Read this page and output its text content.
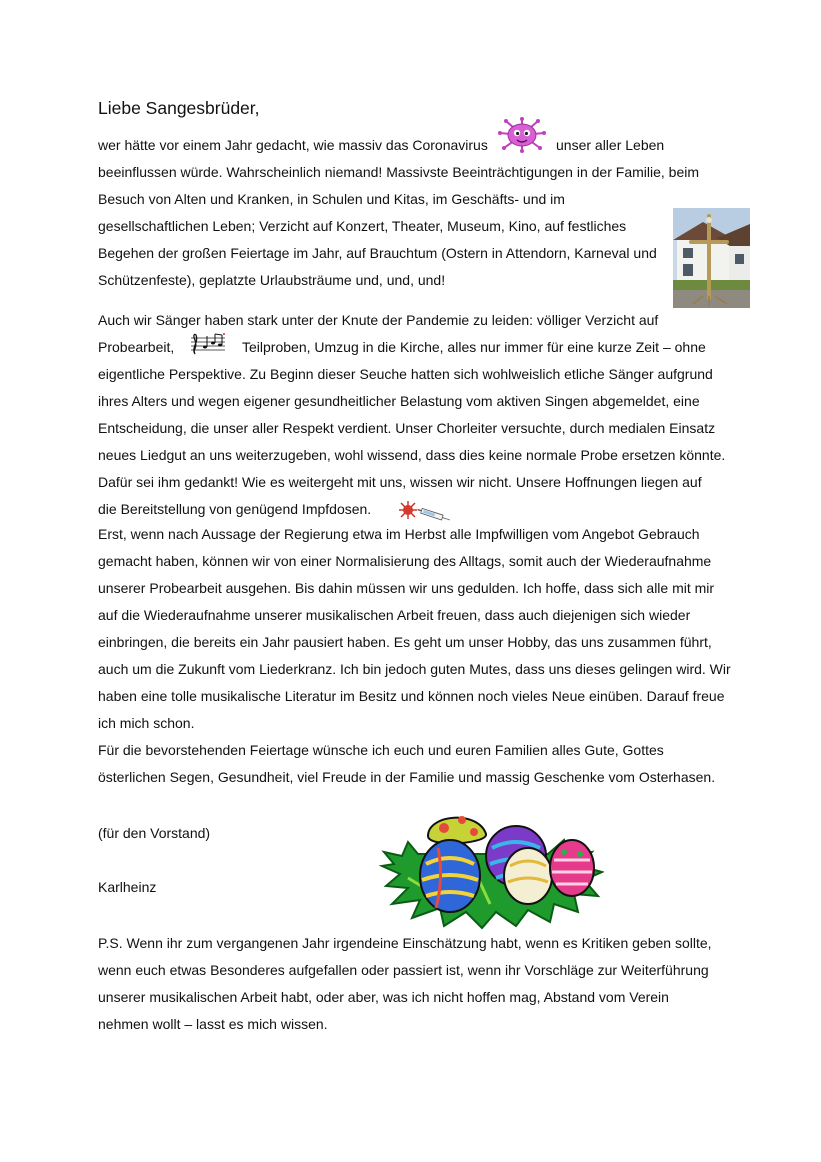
Liebe Sangesbrüder,
wer hätte vor einem Jahr gedacht, wie massiv das Coronavirus	unser aller Leben
beeinflussen würde. Wahrscheinlich niemand! Massivste Beeinträchtigungen in der Familie, beim
Besuch von Alten und Kranken, in Schulen und Kitas, im Geschäfts- und im
gesellschaftlichen Leben; Verzicht auf Konzert, Theater, Museum, Kino, auf festliches
Begehen der großen Feiertage im Jahr, auf Brauchtum (Ostern in Attendorn, Karneval und
Schützenfeste), geplatzte Urlaubsträume und, und, und!
Auch wir Sänger haben stark unter der Knute der Pandemie zu leiden: völliger Verzicht auf
Probearbeit,	Teilproben, Umzug in die Kirche, alles nur immer für eine kurze Zeit – ohne
eigentliche Perspektive. Zu Beginn dieser Seuche hatten sich wohlweislich etliche Sänger aufgrund
ihres Alters und wegen eigener gesundheitlicher Belastung vom aktiven Singen abgemeldet, eine
Entscheidung, die unser aller Respekt verdient. Unser Chorleiter versuchte, durch medialen Einsatz
neues Liedgut an uns weiterzugeben, wohl wissend, dass dies keine normale Probe ersetzen könnte.
Dafür sei ihm gedankt! Wie es weitergeht mit uns, wissen wir nicht. Unsere Hoffnungen liegen auf
die Bereitstellung von genügend Impfdosen.
Erst, wenn nach Aussage der Regierung etwa im Herbst alle Impfwilligen vom Angebot Gebrauch
gemacht haben, können wir von einer Normalisierung des Alltags, somit auch der Wiederaufnahme
unserer Probearbeit ausgehen. Bis dahin müssen wir uns gedulden. Ich hoffe, dass sich alle mit mir
auf die Wiederaufnahme unserer musikalischen Arbeit freuen, dass auch diejenigen sich wieder
einbringen, die bereits ein Jahr pausiert haben. Es geht um unser Hobby, das uns zusammen führt,
auch um die Zukunft vom Liederkranz. Ich bin jedoch guten Mutes, dass uns dieses gelingen wird. Wir
haben eine tolle musikalische Literatur im Besitz und können noch vieles Neue einüben. Darauf freue
ich mich schon.
Für die bevorstehenden Feiertage wünsche ich euch und euren Familien alles Gute, Gottes
österlichen Segen, Gesundheit, viel Freude in der Familie und massig Geschenke vom Osterhasen.
(für den Vorstand)
Karlheinz
P.S. Wenn ihr zum vergangenen Jahr irgendeine Einschätzung habt, wenn es Kritiken geben sollte,
wenn euch etwas Besonderes aufgefallen oder passiert ist, wenn ihr Vorschläge zur Weiterführung
unserer musikalischen Arbeit habt, oder aber, was ich nicht hoffen mag, Abstand vom Verein
nehmen wollt – lasst es mich wissen.
